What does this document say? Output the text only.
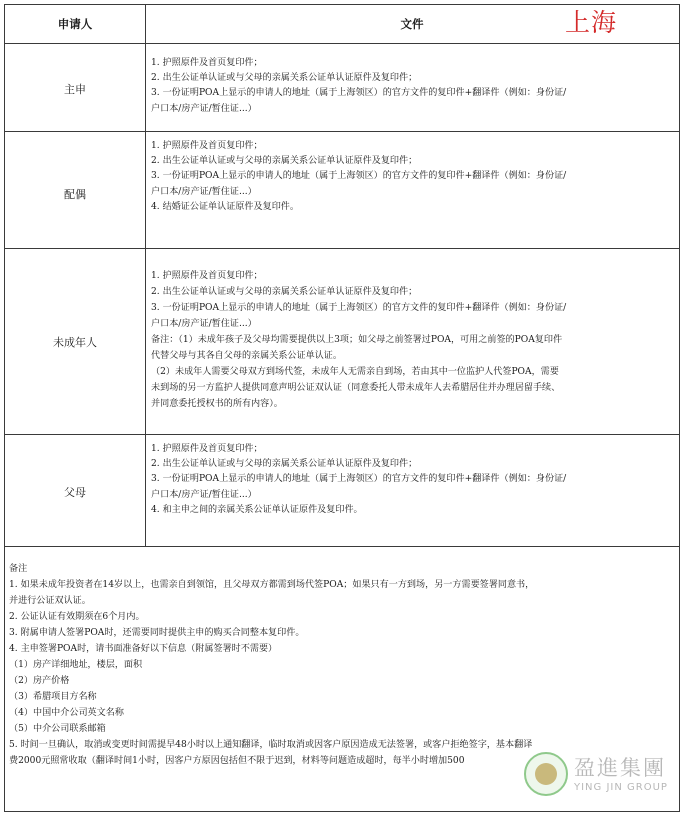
申请人	文件
主申
1. 护照原件及首页复印件；
2. 出生公证单认证或与父母的亲属关系公证单认证原件及复印件；
3. 一份证明POA上显示的申请人的地址（属于上海领区）的官方文件的复印件+翻译件（例如：身份证/
户口本/房产证/暂住证...）
配偶
1. 护照原件及首页复印件；
2. 出生公证单认证或与父母的亲属关系公证单认证原件及复印件；
3. 一份证明POA上显示的申请人的地址（属于上海领区）的官方文件的复印件+翻译件（例如：身份证/
户口本/房产证/暂住证...）
4. 结婚证公证单认证原件及复印件。
未成年人
1. 护照原件及首页复印件；
2. 出生公证单认证或与父母的亲属关系公证单认证原件及复印件；
3. 一份证明POA上显示的申请人的地址（属于上海领区）的官方文件的复印件+翻译件（例如：身份证/
户口本/房产证/暂住证...）
备注：（1）未成年孩子及父母均需要提供以上3项；如父母之前签署过POA，可用之前签的POA复印件
代替父母与其各自父母的亲属关系公证单认证。
（2）未成年人需要父母双方到场代签，未成年人无需亲自到场，若由其中一位监护人代签POA，需要
未到场的另一方监护人提供同意声明公证双认证（同意委托人带未成年人去希腊居住并办理居留手续、
并同意委托授权书的所有内容）。
父母
1. 护照原件及首页复印件；
2. 出生公证单认证或与父母的亲属关系公证单认证原件及复印件；
3. 一份证明POA上显示的申请人的地址（属于上海领区）的官方文件的复印件+翻译件（例如：身份证/
户口本/房产证/暂住证...）
4. 和主申之间的亲属关系公证单认证原件及复印件。
备注
1. 如果未成年投资者在14岁以上，也需亲自到领馆，且父母双方都需到场代签POA；如果只有一方到场，另一方需要签署同意书，
并进行公证双认证。
2. 公证认证有效期须在6个月内。
3. 附属申请人签署POA时，还需要同时提供主申的购买合同整本复印件。
4. 主申签署POA时，请书面准备好以下信息（附属签署时不需要）
（1）房产详细地址，楼层，面积
（2）房产价格
（3）希腊项目方名称
（4）中国中介公司英文名称
（5）中介公司联系邮箱
5. 时间一旦确认，取消或变更时间需提早48小时以上通知翻译，临时取消或因客户原因造成无法签署，或客户拒绝签字，基本翻译
费2000元照常收取（翻译时间1小时，因客户方原因包括但不限于迟到，材料等问题造成超时，每半小时增加500
上海
盈進集團
YING JIN GROUP
